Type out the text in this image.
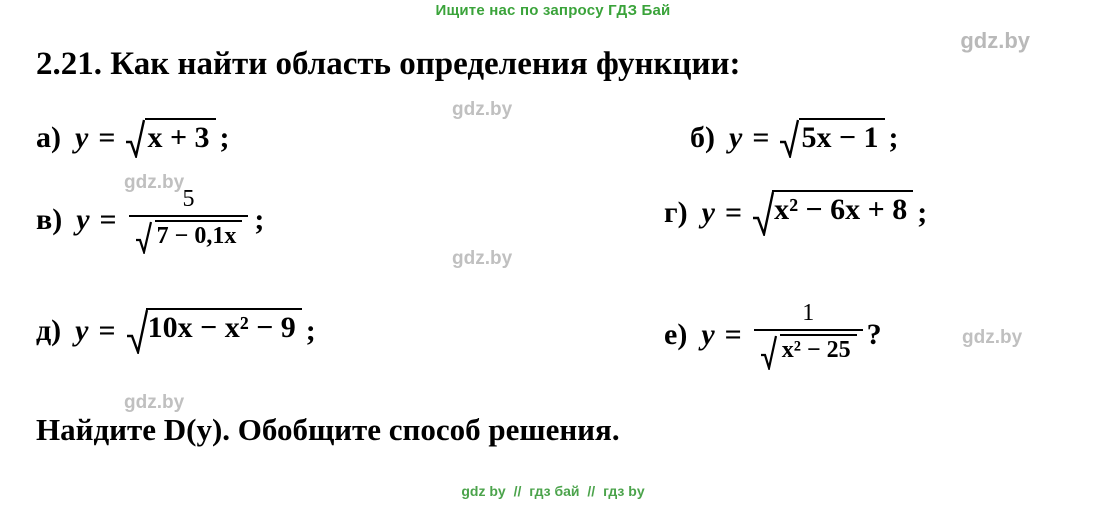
Ищите нас по запросу ГДЗ Бай
gdz.by
gdz.by
gdz.by
gdz.by
gdz.by
gdz.by
gdz by // гдз бай // гдз by
2.21. Как найти область определения функции:
а) y = x + 3 ;	б) y = 5x − 1 ;
в) $y = \frac{5}{7 - 0,1x}$ ;	г) y = x² − 6x + 8 ;
д) y = 10x − x² − 9 ;	е) $y = \frac{1}{\text{x² − 25}}$ ?
Найдите D(y). Обобщите способ решения.
